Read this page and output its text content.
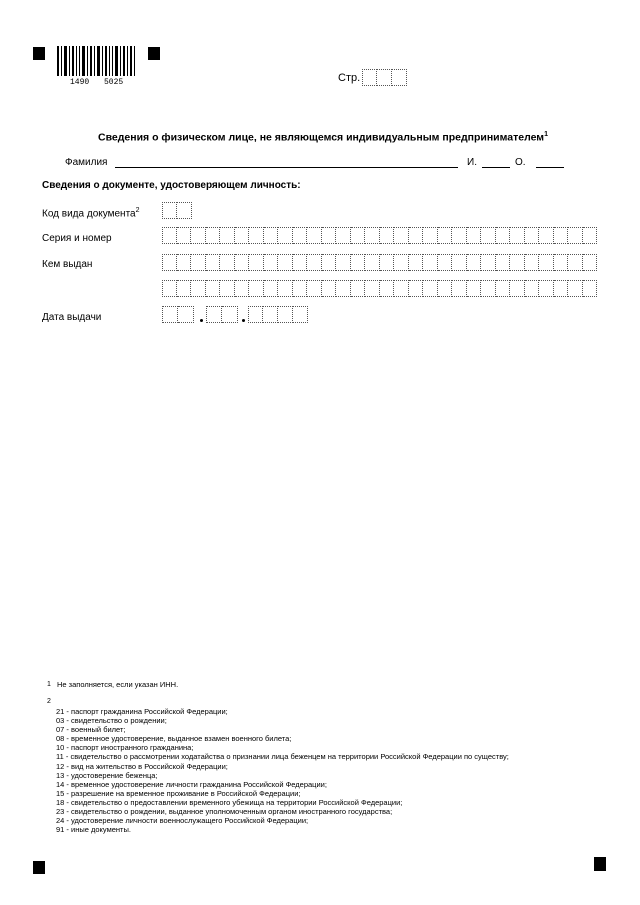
1490 5025	Стр.
Сведения о физическом лице, не являющемся индивидуальным предпринимателем$^1$
Фамилия	И.	О.
Сведения о документе, удостоверяющем личность:
Код вида документа$^2$
Серия и номер
Кем выдан
Дата выдачи
1 Не заполняется, если указан ИНН.
2
21 - паспорт гражданина Российской Федерации;
03 - свидетельство о рождении;
07 - военный билет;
08 - временное удостоверение, выданное взамен военного билета;
10 - паспорт иностранного гражданина;
11 - свидетельство о рассмотрении ходатайства о признании лица беженцем на территории Российской Федерации по существу;
12 - вид на жительство в Российской Федерации;
13 - удостоверение беженца;
14 - временное удостоверение личности гражданина Российской Федерации;
15 - разрешение на временное проживание в Российской Федерации;
18 - свидетельство о предоставлении временного убежища на территории Российской Федерации;
23 - свидетельство о рождении, выданное уполномоченным органом иностранного государства;
24 - удостоверение личности военнослужащего Российской Федерации;
91 - иные документы.
